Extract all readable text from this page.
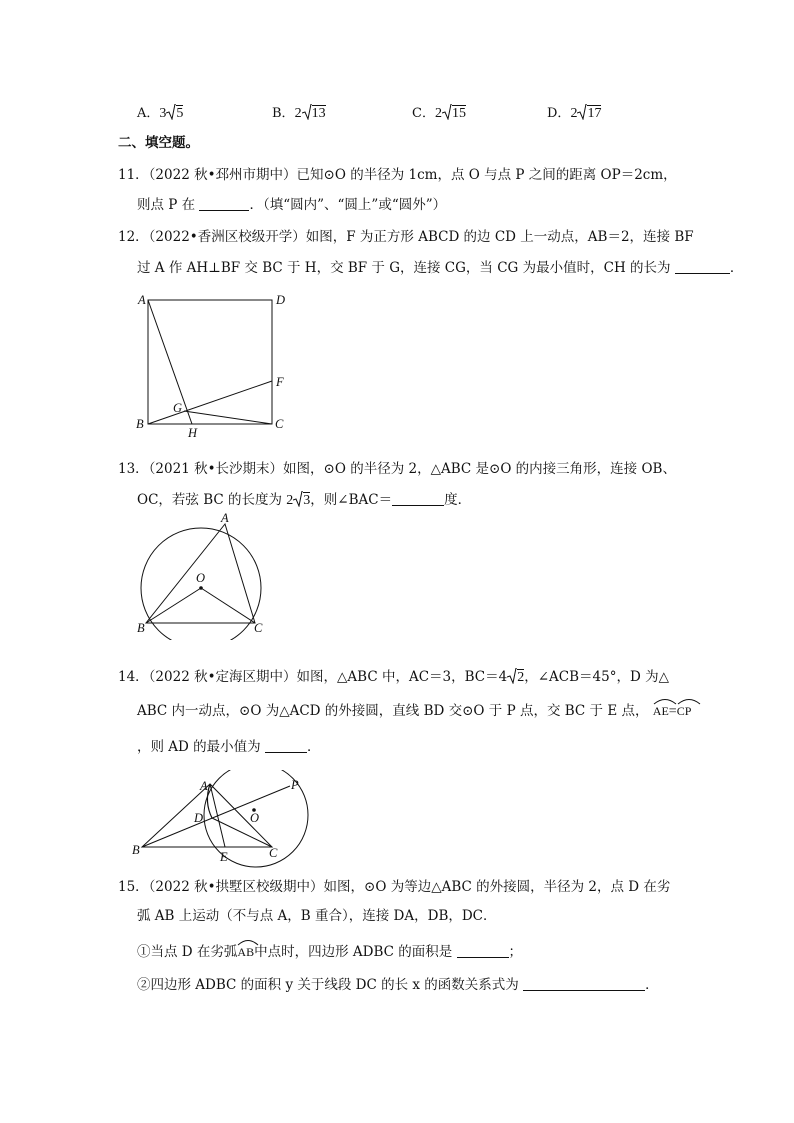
A．3 5	B．2 13	C．2 15	D．2 17
二、填空题。
11．（2022 秋•邳州市期中）已知⊙O 的半径为 1cm，点 O 与点 P 之间的距离 OP＝2cm，
则点 P 在	．（填“圆内”、“圆上”或“圆外”）
12．（2022•香洲区校级开学）如图，F 为正方形 ABCD 的边 CD 上一动点，AB＝2，连接 BF
过 A 作 AH⊥BF 交 BC 于 H，交 BF 于 G，连接 CG，当 CG 为最小值时，CH 的长为	．
A	D
F
G
B
H
C
13．（2021 秋•长沙期末）如图，⊙O 的半径为 2，△ABC 是⊙O 的内接三角形，连接 OB、
OC，若弦 BC 的长度为 2 3，则∠BAC＝	度．
A
O
B	C
14．（2022 秋•定海区期中）如图，△ABC 中，AC＝3，BC＝4 2，∠ACB＝45°，D 为△
ABC 内一动点，⊙O 为△ACD 的外接圆，直线 BD 交⊙O 于 P 点，交 BC 于 E 点， AE=
CP
，则 AD 的最小值为	．
A	P
D	O
B	E	C
15．（2022 秋•拱墅区校级期中）如图，⊙O 为等边△ABC 的外接圆，半径为 2，点 D 在劣
弧 AB 上运动（不与点 A，B 重合），连接 DA，DB，DC．
①当点 D 在劣弧
AB中点时，四边形 ADBC 的面积是	；
②四边形 ADBC 的面积 y 关于线段 DC 的长 x 的函数关系式为	．
